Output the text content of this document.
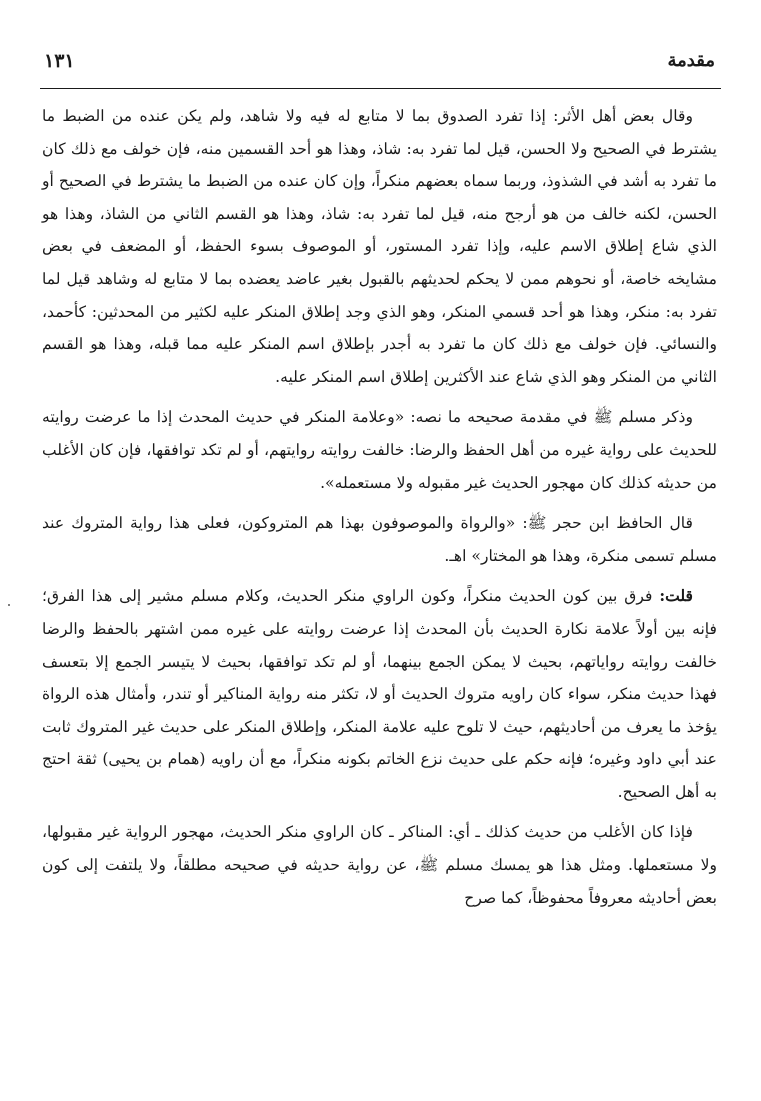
مقدمة
١٣١

وقال بعض أهل الأثر: إذا تفرد الصدوق بما لا متابع له فيه ولا شاهد، ولم يكن عنده من الضبط ما يشترط في الصحيح ولا الحسن، قيل لما تفرد به: شاذ، وهذا هو أحد القسمين منه، فإن خولف مع ذلك كان ما تفرد به أشد في الشذوذ، وربما سماه بعضهم منكراً، وإن كان عنده من الضبط ما يشترط في الصحيح أو الحسن، لكنه خالف من هو أرجح منه، قيل لما تفرد به: شاذ، وهذا هو القسم الثاني من الشاذ، وهذا هو الذي شاع إطلاق الاسم عليه، وإذا تفرد المستور، أو الموصوف بسوء الحفظ، أو المضعف في بعض مشايخه خاصة، أو نحوهم ممن لا يحكم لحديثهم بالقبول بغير عاضد يعضده بما لا متابع له وشاهد قيل لما تفرد به: منكر، وهذا هو أحد قسمي المنكر، وهو الذي وجد إطلاق المنكر عليه لكثير من المحدثين: كأحمد، والنسائي. فإن خولف مع ذلك كان ما تفرد به أجدر بإطلاق اسم المنكر عليه مما قبله، وهذا هو القسم الثاني من المنكر وهو الذي شاع عند الأكثرين إطلاق اسم المنكر عليه.

وذكر مسلم ﷺ في مقدمة صحيحه ما نصه: «وعلامة المنكر في حديث المحدث إذا ما عرضت روايته للحديث على رواية غيره من أهل الحفظ والرضا: خالفت روايته روايتهم، أو لم تكد توافقها، فإن كان الأغلب من حديثه كذلك كان مهجور الحديث غير مقبوله ولا مستعمله».

قال الحافظ ابن حجر ﷺ: «والرواة والموصوفون بهذا هم المتروكون، فعلى هذا رواية المتروك عند مسلم تسمى منكرة، وهذا هو المختار» اهـ.

قلت: فرق بين كون الحديث منكراً، وكون الراوي منكر الحديث، وكلام مسلم مشير إلى هذا الفرق؛ فإنه بين أولاً علامة نكارة الحديث بأن المحدث إذا عرضت روايته على غيره ممن اشتهر بالحفظ والرضا خالفت روايته رواياتهم، بحيث لا يمكن الجمع بينهما، أو لم تكد توافقها، بحيث لا يتيسر الجمع إلا بتعسف فهذا حديث منكر، سواء كان راويه متروك الحديث أو لا، تكثر منه رواية المناكير أو تندر، وأمثال هذه الرواة يؤخذ ما يعرف من أحاديثهم، حيث لا تلوح عليه علامة المنكر، وإطلاق المنكر على حديث غير المتروك ثابت عند أبي داود وغيره؛ فإنه حكم على حديث نزع الخاتم بكونه منكراً، مع أن راويه (همام بن يحيى) ثقة احتج به أهل الصحيح.

فإذا كان الأغلب من حديث كذلك ـ أي: المناكر ـ كان الراوي منكر الحديث، مهجور الرواية غير مقبولها، ولا مستعملها. ومثل هذا هو يمسك مسلم ﷺ، عن رواية حديثه في صحيحه مطلقاً، ولا يلتفت إلى كون بعض أحاديثه معروفاً محفوظاً، كما صرح
